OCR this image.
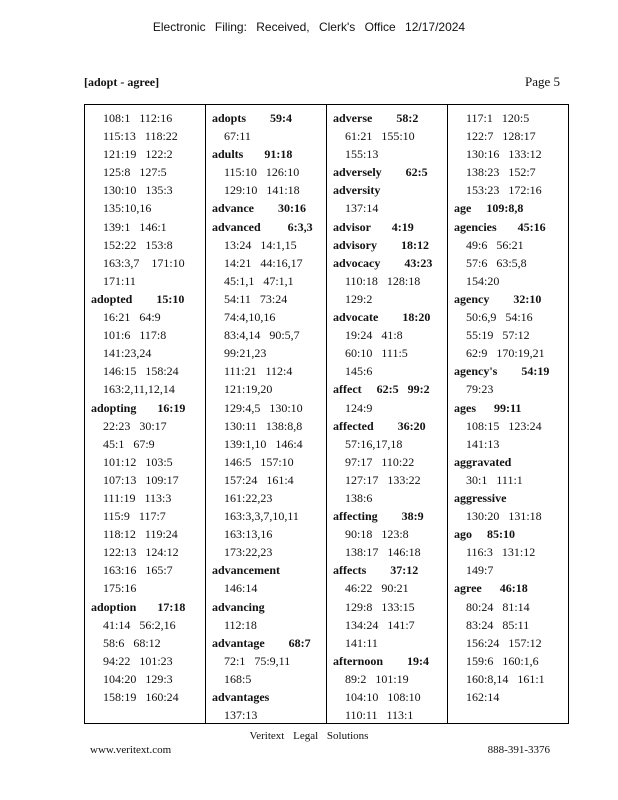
Electronic Filing: Received, Clerk's Office 12/17/2024
[adopt - agree]	Page 5
108:1   112:16
115:13   118:22
121:19   122:2
125:8   127:5
130:10   135:3
135:10,16
139:1   146:1
152:22   153:8
163:3,7    171:10
171:11
adopted        15:10
16:21   64:9
101:6   117:8
141:23,24
146:15   158:24
163:2,11,12,14
adopting       16:19
22:23   30:17
45:1   67:9
101:12   103:5
107:13   109:17
111:19   113:3
115:9   117:7
118:12   119:24
122:13   124:12
163:16   165:7
175:16
adoption       17:18
41:14   56:2,16
58:6   68:12
94:22   101:23
104:20   129:3
158:19   160:24
adopts        59:4
67:11
adults       91:18
115:10   126:10
129:10   141:18
advance        30:16
advanced         6:3,3
13:24   14:1,15
14:21   44:16,17
45:1,1   47:1,1
54:11   73:24
74:4,10,16
83:4,14   90:5,7
99:21,23
111:21   112:4
121:19,20
129:4,5   130:10
130:11   138:8,8
139:1,10   146:4
146:5   157:10
157:24   161:4
161:22,23
163:3,3,7,10,11
163:13,16
173:22,23
advancement
146:14
advancing
112:18
advantage        68:7
72:1   75:9,11
168:5
advantages
137:13
adverse        58:2
61:21   155:10
155:13
adversely        62:5
adversity
137:14
advisor       4:19
advisory        18:12
advocacy        43:23
110:18   128:18
129:2
advocate        18:20
19:24   41:8
60:10   111:5
145:6
affect     62:5   99:2
124:9
affected        36:20
57:16,17,18
97:17   110:22
127:17   133:22
138:6
affecting        38:9
90:18   123:8
138:17   146:18
affects        37:12
46:22   90:21
129:8   133:15
134:24   141:7
141:11
afternoon        19:4
89:2   101:19
104:10   108:10
110:11   113:1
117:1   120:5
122:7   128:17
130:16   133:12
138:23   152:7
153:23   172:16
age     109:8,8
agencies       45:16
49:6   56:21
57:6   63:5,8
154:20
agency        32:10
50:6,9   54:16
55:19   57:12
62:9   170:19,21
agency's        54:19
79:23
ages      99:11
108:15   123:24
141:13
aggravated
30:1   111:1
aggressive
130:20   131:18
ago     85:10
116:3   131:12
149:7
agree      46:18
80:24   81:14
83:24   85:11
156:24   157:12
159:6   160:1,6
160:8,14   161:1
162:14
Veritext Legal Solutions
www.veritext.com	888-391-3376
